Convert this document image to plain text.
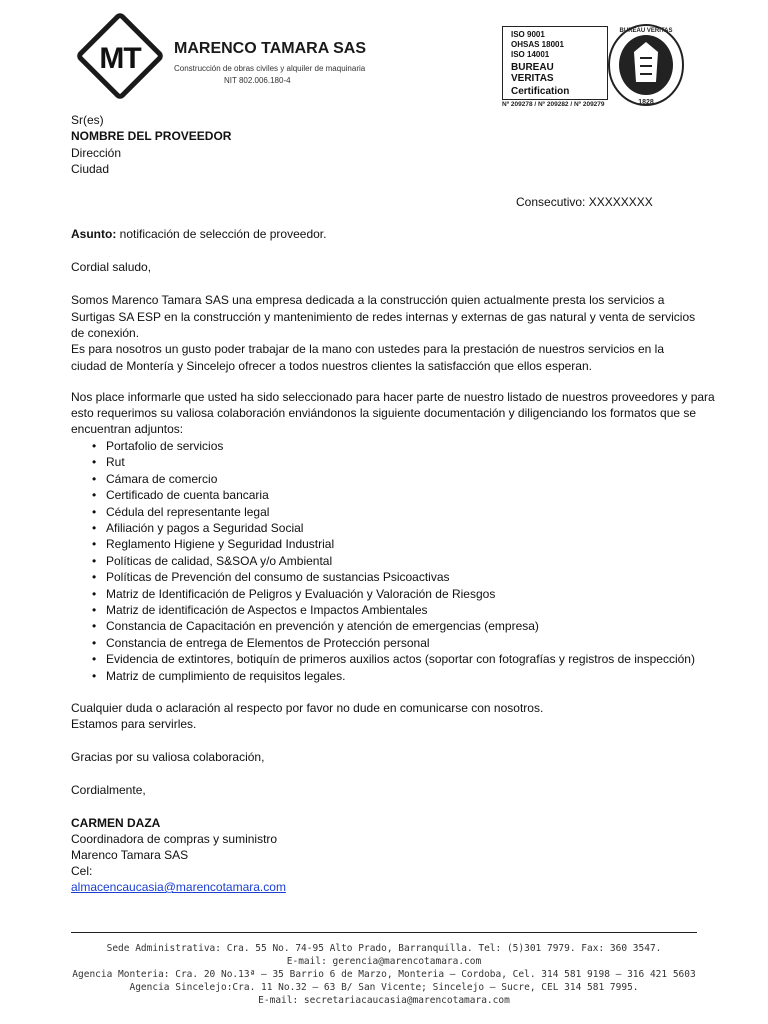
MT	MARENCO TAMARA SAS
Construcción de obras civiles y alquiler de maquinaria
NIT 802.006.180-4
ISO 9001
OHSAS 18001
ISO 14001
BUREAU VERITAS
Certification
BUREAU VERITAS
1828
Nº 209278 / Nº 209282 / Nº 209279
Sr(es)
NOMBRE DEL PROVEEDOR
Dirección
Ciudad
Consecutivo: XXXXXXXX
Asunto: notificación de selección de proveedor.
Cordial saludo,
Somos Marenco Tamara SAS una empresa dedicada a la construcción quien actualmente presta los servicios a Surtigas SA ESP en la construcción y mantenimiento de redes internas y externas de gas natural y venta de servicios de conexión.
Es para nosotros un gusto poder trabajar de la mano con ustedes para la prestación de nuestros servicios en la ciudad de Montería y Sincelejo ofrecer a todos nuestros clientes la satisfacción que ellos esperan.
Nos place informarle que usted ha sido seleccionado para hacer parte de nuestro listado de nuestros proveedores y para
esto requerimos su valiosa colaboración enviándonos la siguiente documentación y diligenciando los formatos que se
encuentran adjuntos:
• Portafolio de servicios
• Rut
• Cámara de comercio
• Certificado de cuenta bancaria
• Cédula del representante legal
• Afiliación y pagos a Seguridad Social
• Reglamento Higiene y Seguridad Industrial
• Políticas de calidad, S&SOA y/o Ambiental
• Políticas de Prevención del consumo de sustancias Psicoactivas
• Matriz de Identificación de Peligros y Evaluación y Valoración de Riesgos
• Matriz de identificación de Aspectos e Impactos Ambientales
• Constancia de Capacitación en prevención y atención de emergencias (empresa)
• Constancia de entrega de Elementos de Protección personal
• Evidencia de extintores, botiquín de primeros auxilios actos (soportar con fotografías y registros de inspección)
• Matriz de cumplimiento de requisitos legales.
Cualquier duda o aclaración al respecto por favor no dude en comunicarse con nosotros.
Estamos para servirles.
Gracias por su valiosa colaboración,
Cordialmente,
CARMEN DAZA
Coordinadora de compras y suministro
Marenco Tamara SAS
Cel:
almacencaucasia@marencotamara.com
Sede Administrativa: Cra. 55 No. 74-95 Alto Prado, Barranquilla. Tel: (5)301 7979. Fax: 360 3547.
E-mail: gerencia@marencotamara.com
Agencia Monteria: Cra. 20 No.13ª – 35 Barrio 6 de Marzo, Monteria – Cordoba, Cel. 314 581 9198 – 316 421 5603
Agencia Sincelejo:Cra. 11 No.32 – 63 B/ San Vicente; Sincelejo – Sucre, CEL 314 581 7995.
E-mail: secretariacaucasia@marencotamara.com
